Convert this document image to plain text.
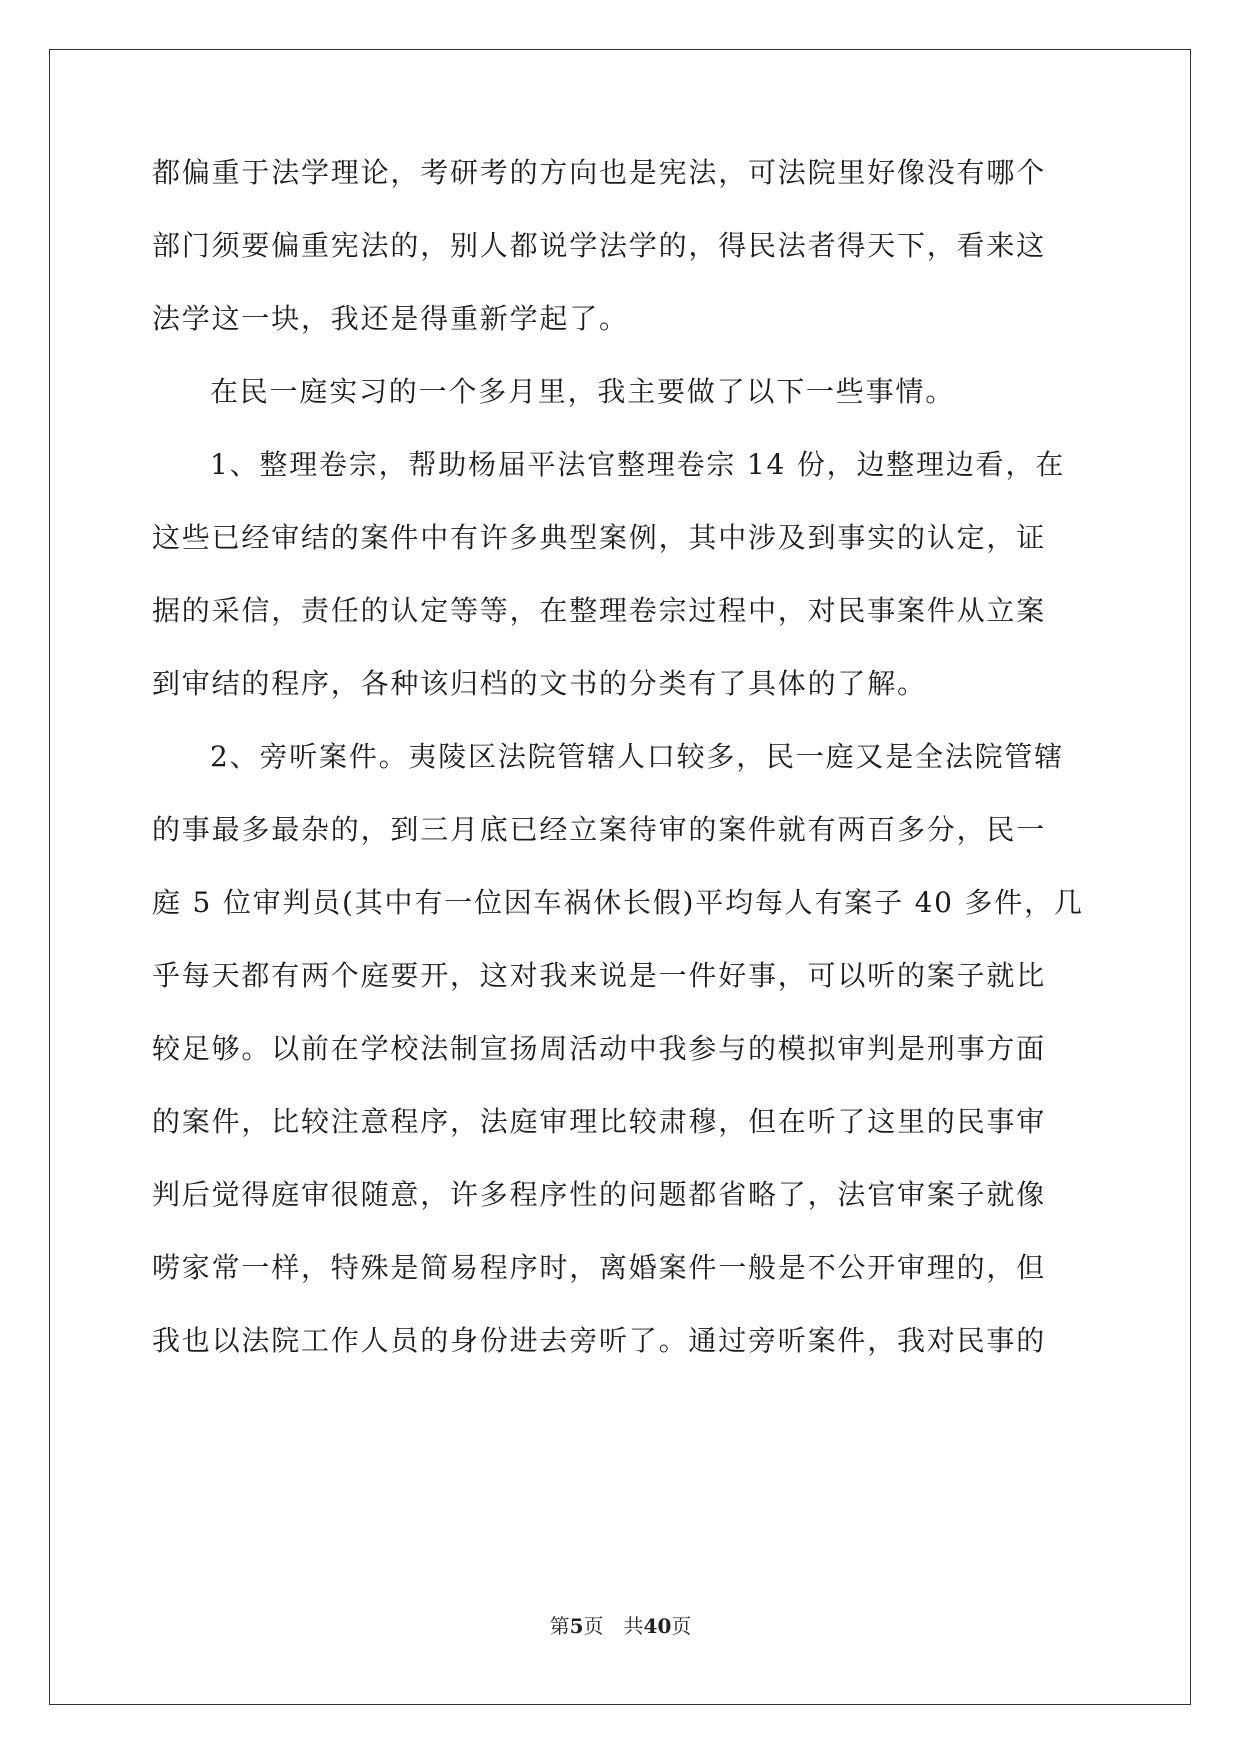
都偏重于法学理论，考研考的方向也是宪法，可法院里好像没有哪个
部门须要偏重宪法的，别人都说学法学的，得民法者得天下，看来这
法学这一块，我还是得重新学起了。
在民一庭实习的一个多月里，我主要做了以下一些事情。
1、整理卷宗，帮助杨届平法官整理卷宗 14 份，边整理边看，在
这些已经审结的案件中有许多典型案例，其中涉及到事实的认定，证
据的采信，责任的认定等等，在整理卷宗过程中，对民事案件从立案
到审结的程序，各种该归档的文书的分类有了具体的了解。
2、旁听案件。夷陵区法院管辖人口较多，民一庭又是全法院管辖
的事最多最杂的，到三月底已经立案待审的案件就有两百多分，民一
庭 5 位审判员(其中有一位因车祸休长假)平均每人有案子 40 多件，几
乎每天都有两个庭要开，这对我来说是一件好事，可以听的案子就比
较足够。以前在学校法制宣扬周活动中我参与的模拟审判是刑事方面
的案件，比较注意程序，法庭审理比较肃穆，但在听了这里的民事审
判后觉得庭审很随意，许多程序性的问题都省略了，法官审案子就像
唠家常一样，特殊是简易程序时，离婚案件一般是不公开审理的，但
我也以法院工作人员的身份进去旁听了。通过旁听案件，我对民事的
第5页  共40页
